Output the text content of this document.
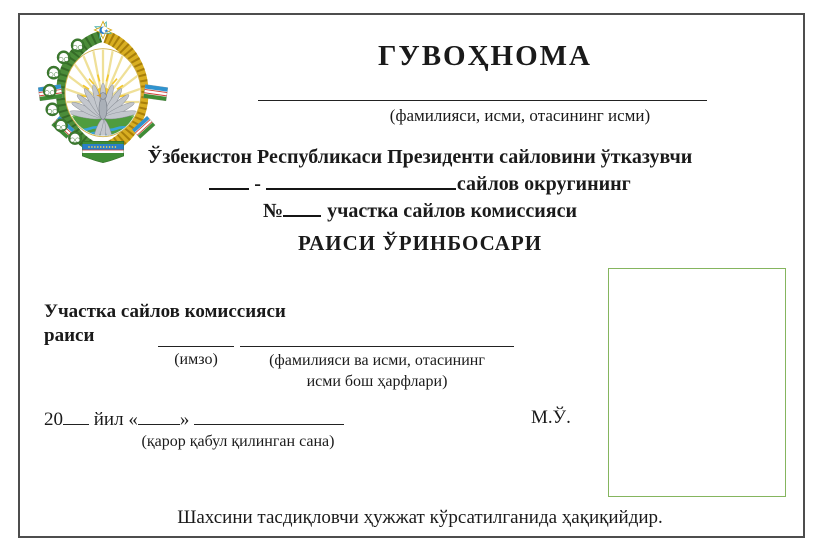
ГУВОҲНОМА
(фамилияси, исми, отасининг исми)
Ўзбекистон Республикаси Президенти сайловини ўтказувчи
-	сайлов округининг
№ участка сайлов комиссияси
РАИСИ ЎРИНБОСАРИ
Участка сайлов комиссияси
раиси
(имзо)	(фамилияси ва исми, отасининг
исми бош ҳарфлари)
20 йил « »
(қарор қабул қилинган сана)
М.Ў.
Шахсини тасдиқловчи ҳужжат кўрсатилганида ҳақиқийдир.
